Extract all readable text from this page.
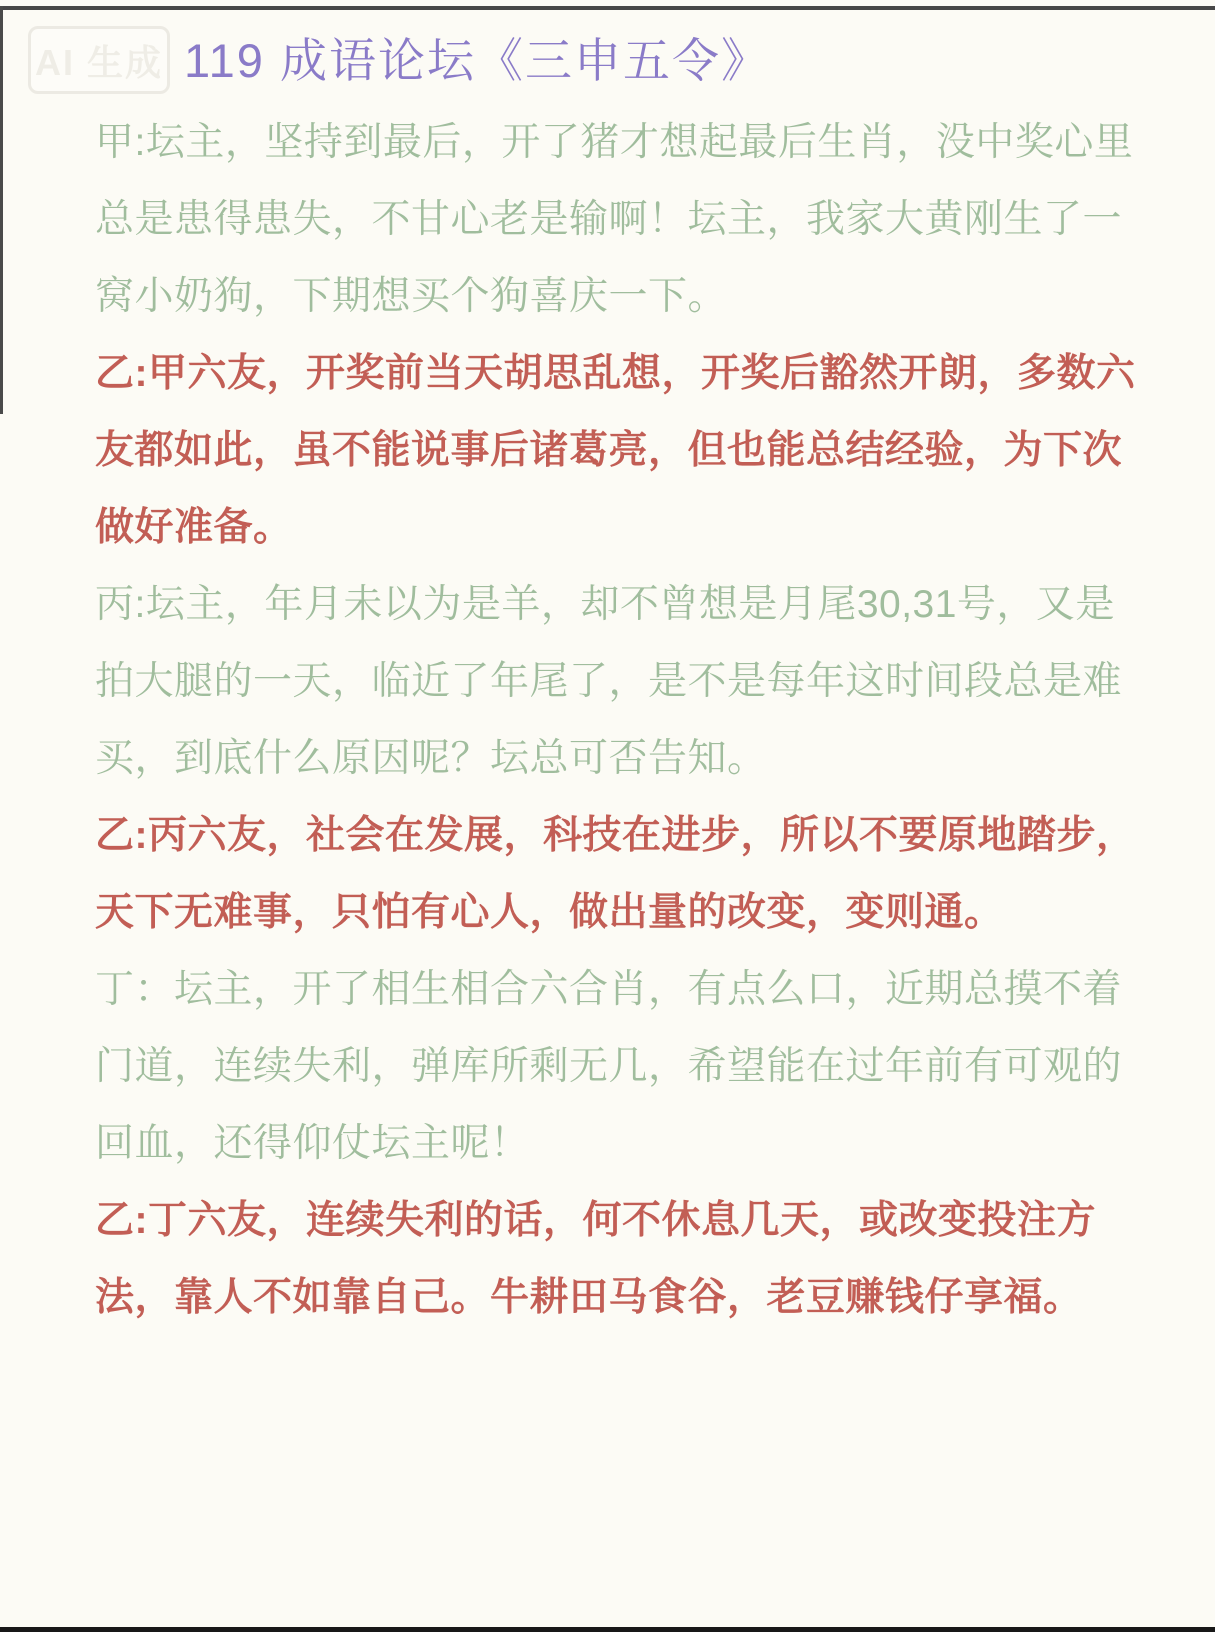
AI 生成 119 成语论坛《三申五令》
甲:坛主，坚持到最后，开了猪才想起最后生肖，没中奖心里
总是患得患失，不甘心老是输啊！坛主，我家大黄刚生了一
窝小奶狗，下期想买个狗喜庆一下。
乙:甲六友，开奖前当天胡思乱想，开奖后豁然开朗，多数六
友都如此，虽不能说事后诸葛亮，但也能总结经验，为下次
做好准备。
丙:坛主，年月未以为是羊，却不曾想是月尾30,31号，又是
拍大腿的一天，临近了年尾了，是不是每年这时间段总是难
买，到底什么原因呢？坛总可否告知。
乙:丙六友，社会在发展，科技在进步，所以不要原地踏步，
天下无难事，只怕有心人，做出量的改变，变则通。
丁：坛主，开了相生相合六合肖，有点么口，近期总摸不着
门道，连续失利，弹库所剩无几，希望能在过年前有可观的
回血，还得仰仗坛主呢！
乙:丁六友，连续失利的话，何不休息几天，或改变投注方
法，靠人不如靠自己。牛耕田马食谷，老豆赚钱仔享福。
